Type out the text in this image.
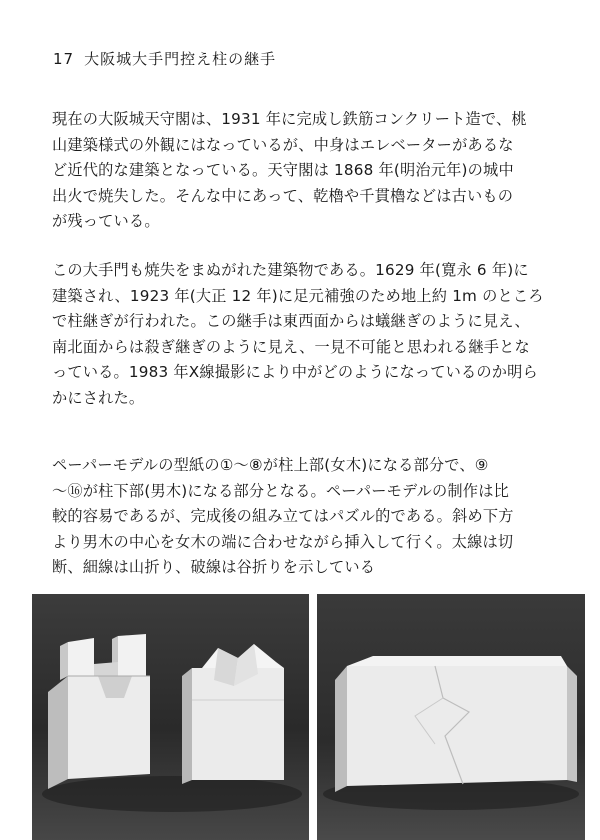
17 大阪城大手門控え柱の継手
現在の大阪城天守閣は、1931 年に完成し鉄筋コンクリート造で、桃
山建築様式の外観にはなっているが、中身はエレベーターがあるな
ど近代的な建築となっている。天守閣は 1868 年(明治元年)の城中
出火で焼失した。そんな中にあって、乾櫓や千貫櫓などは古いもの
が残っている。
この大手門も焼失をまぬがれた建築物である。1629 年(寛永 6 年)に
建築され、1923 年(大正 12 年)に足元補強のため地上約 1m のところ
で柱継ぎが行われた。この継手は東西面からは蟻継ぎのように見え、
南北面からは殺ぎ継ぎのように見え、一見不可能と思われる継手とな
っている。1983 年X線撮影により中がどのようになっているのか明ら
かにされた。
ペーパーモデルの型紙の①～⑧が柱上部(女木)になる部分で、⑨
～⑯が柱下部(男木)になる部分となる。ペーパーモデルの制作は比
較的容易であるが、完成後の組み立てはパズル的である。斜め下方
より男木の中心を女木の端に合わせながら挿入して行く。太線は切
断、細線は山折り、破線は谷折りを示している
